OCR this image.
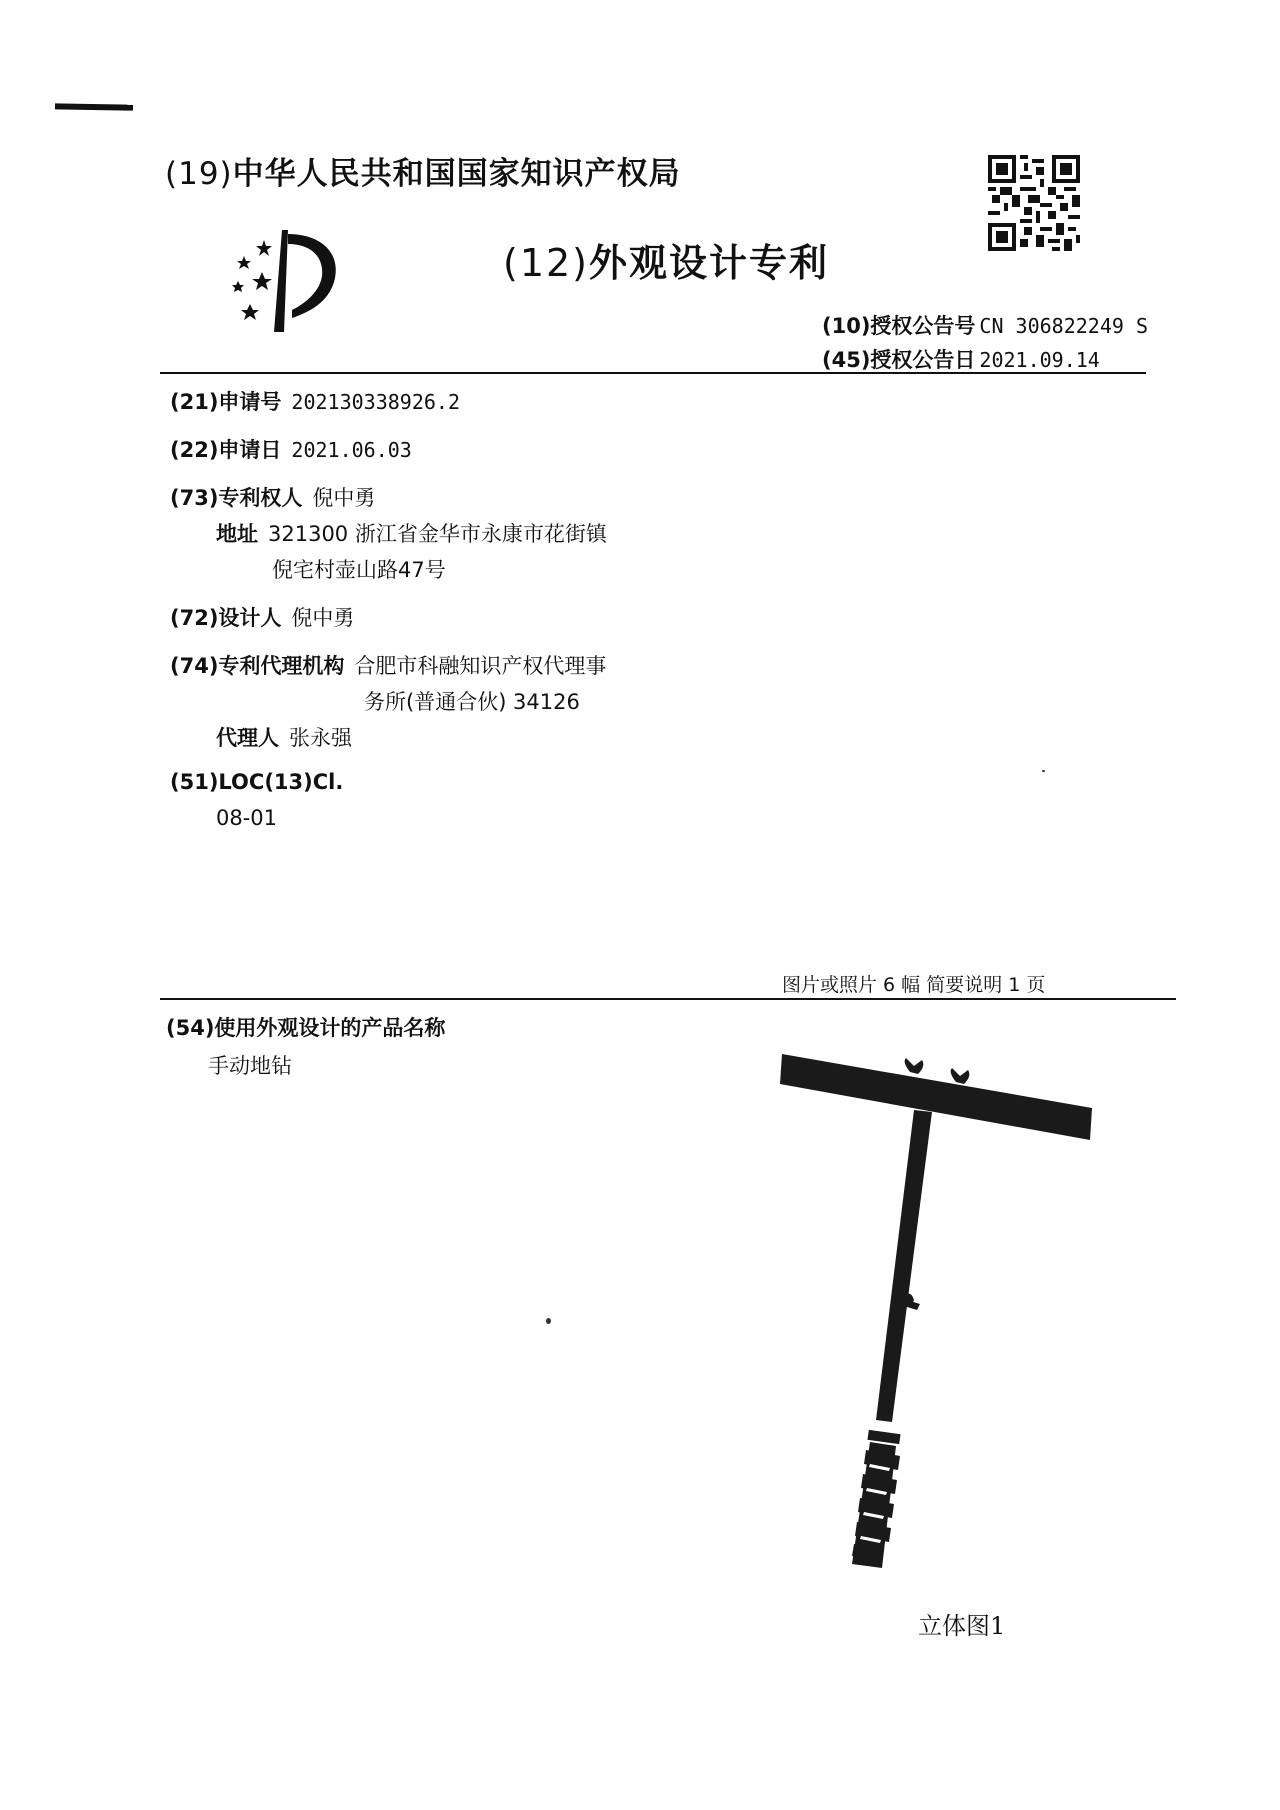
(19)中华人民共和国国家知识产权局
(12)外观设计专利
(10)授权公告号 CN 306822249 S
(45)授权公告日 2021.09.14
(21)申请号 202130338926.2
(22)申请日 2021.06.03
(73)专利权人 倪中勇
地址 321300 浙江省金华市永康市花街镇
倪宅村壶山路47号
(72)设计人 倪中勇
(74)专利代理机构 合肥市科融知识产权代理事
务所(普通合伙) 34126
代理人 张永强
(51)LOC(13)Cl.
08-01
图片或照片 6 幅 简要说明 1 页
(54)使用外观设计的产品名称
手动地钻
立体图1
